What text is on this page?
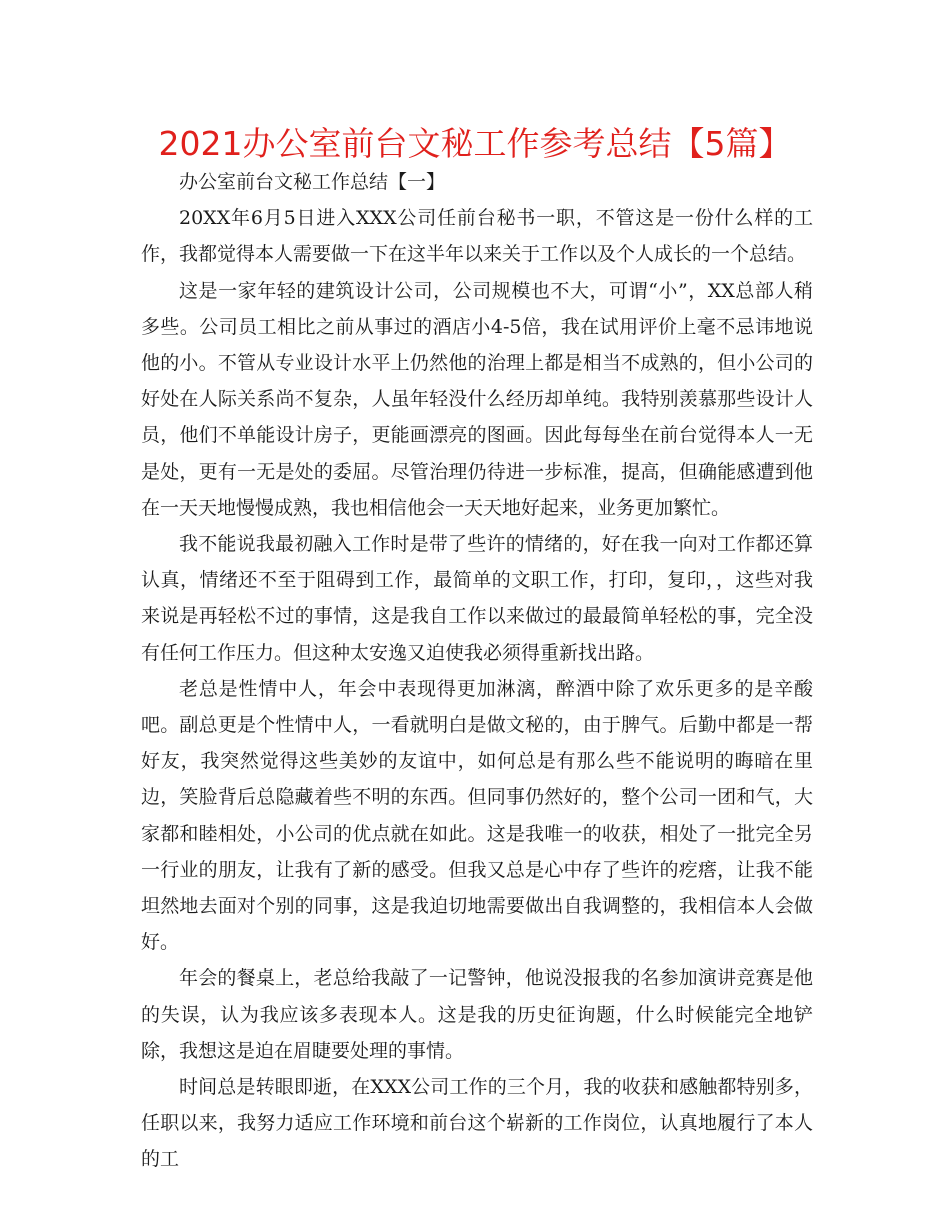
2021办公室前台文秘工作参考总结【5篇】

办公室前台文秘工作总结【一】

20XX年6月5日进入XXX公司任前台秘书一职，不管这是一份什么样的工作，我都觉得本人需要做一下在这半年以来关于工作以及个人成长的一个总结。

这是一家年轻的建筑设计公司，公司规模也不大，可谓“小”，XX总部人稍多些。公司员工相比之前从事过的酒店小4-5倍，我在试用评价上毫不忌讳地说他的小。不管从专业设计水平上仍然他的治理上都是相当不成熟的，但小公司的好处在人际关系尚不复杂，人虽年轻没什么经历却单纯。我特别羡慕那些设计人员，他们不单能设计房子，更能画漂亮的图画。因此每每坐在前台觉得本人一无是处，更有一无是处的委屈。尽管治理仍待进一步标准，提高，但确能感遭到他在一天天地慢慢成熟，我也相信他会一天天地好起来，业务更加繁忙。

我不能说我最初融入工作时是带了些许的情绪的，好在我一向对工作都还算认真，情绪还不至于阻碍到工作，最简单的文职工作，打印，复印，，这些对我来说是再轻松不过的事情，这是我自工作以来做过的最最简单轻松的事，完全没有任何工作压力。但这种太安逸又迫使我必须得重新找出路。

老总是性情中人，年会中表现得更加淋漓，醉酒中除了欢乐更多的是辛酸吧。副总更是个性情中人，一看就明白是做文秘的，由于脾气。后勤中都是一帮好友，我突然觉得这些美妙的友谊中，如何总是有那么些不能说明的晦暗在里边，笑脸背后总隐藏着些不明的东西。但同事仍然好的，整个公司一团和气，大家都和睦相处，小公司的优点就在如此。这是我唯一的收获，相处了一批完全另一行业的朋友，让我有了新的感受。但我又总是心中存了些许的疙瘩，让我不能坦然地去面对个别的同事，这是我迫切地需要做出自我调整的，我相信本人会做好。

年会的餐桌上，老总给我敲了一记警钟，他说没报我的名参加演讲竞赛是他的失误，认为我应该多表现本人。这是我的历史征询题，什么时候能完全地铲除，我想这是迫在眉睫要处理的事情。

时间总是转眼即逝，在XXX公司工作的三个月，我的收获和感触都特别多，任职以来，我努力适应工作环境和前台这个崭新的工作岗位，认真地履行了本人的工
